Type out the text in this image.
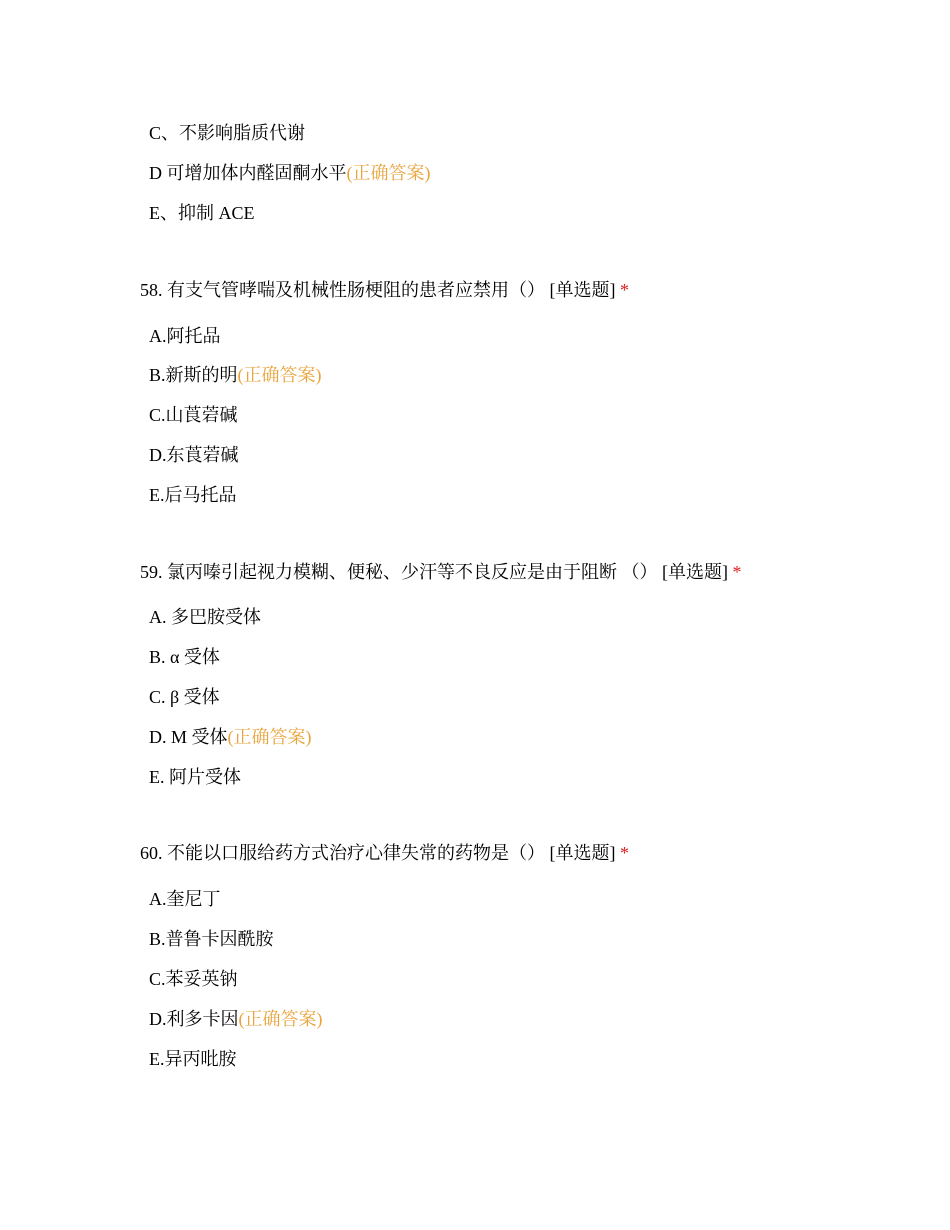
C、不影响脂质代谢
D 可增加体内醛固酮水平(正确答案)
E、抑制 ACE
58. 有支气管哮喘及机械性肠梗阻的患者应禁用（） [单选题] *
A.阿托品
B.新斯的明(正确答案)
C.山莨菪碱
D.东莨菪碱
E.后马托品
59. 氯丙嗪引起视力模糊、便秘、少汗等不良反应是由于阻断 （） [单选题] *
A. 多巴胺受体
B. α 受体
C. β 受体
D. M 受体(正确答案)
E. 阿片受体
60. 不能以口服给药方式治疗心律失常的药物是（） [单选题] *
A.奎尼丁
B.普鲁卡因酰胺
C.苯妥英钠
D.利多卡因(正确答案)
E.异丙吡胺
